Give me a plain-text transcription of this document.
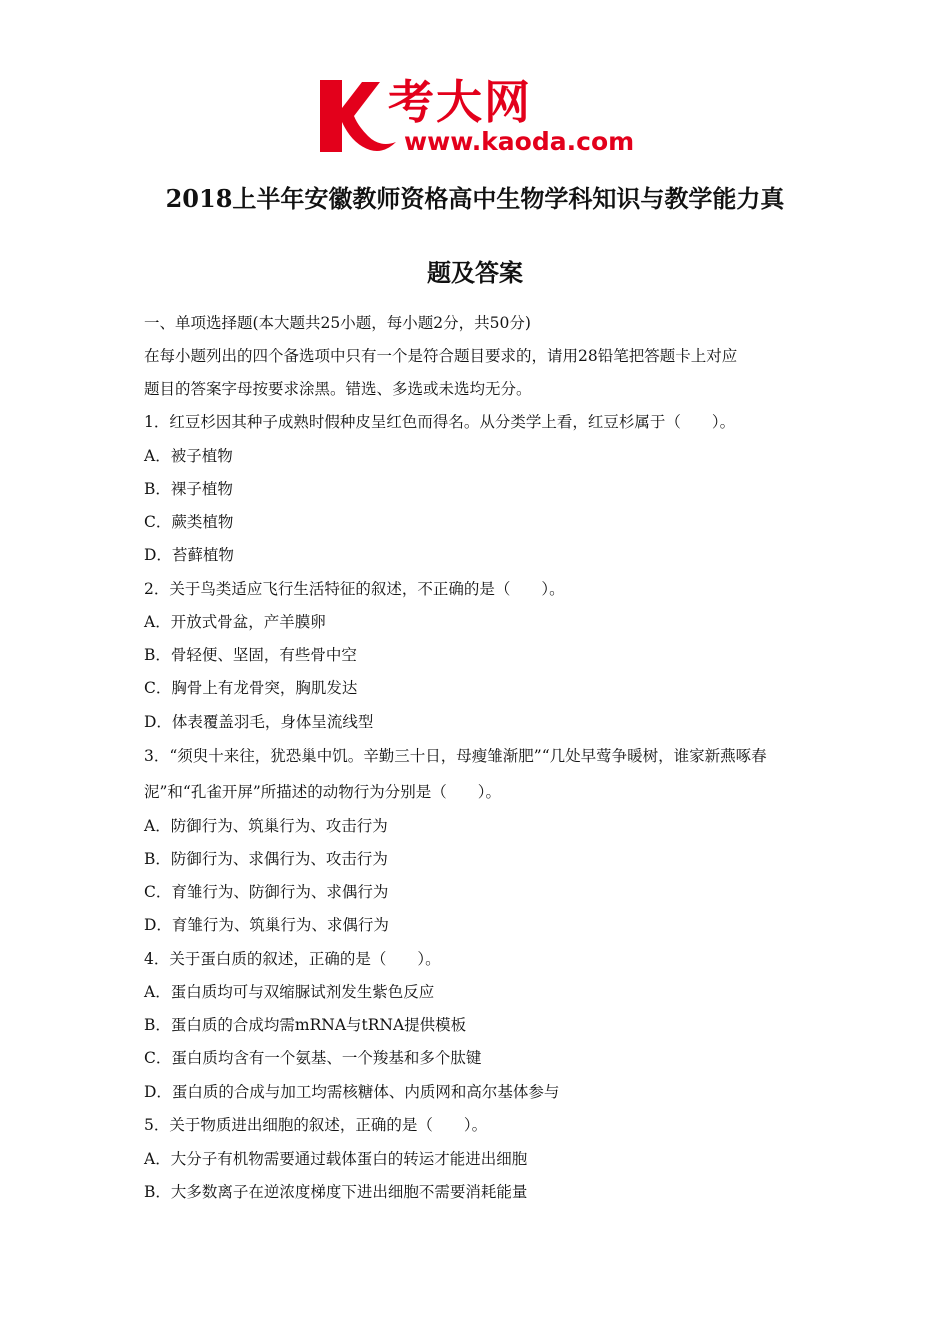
考大网
www.kaoda.com
2018上半年安徽教师资格高中生物学科知识与教学能力真
题及答案
一、单项选择题(本大题共25小题，每小题2分，共50分)
在每小题列出的四个备选项中只有一个是符合题目要求的，请用28铅笔把答题卡上对应
题目的答案字母按要求涂黑。错选、多选或未选均无分。
1．红豆杉因其种子成熟时假种皮呈红色而得名。从分类学上看，红豆杉属于（　　）。
A．被子植物
B．裸子植物
C．蕨类植物
D．苔藓植物
2．关于鸟类适应飞行生活特征的叙述，不正确的是（　　）。
A．开放式骨盆，产羊膜卵
B．骨轻便、坚固，有些骨中空
C．胸骨上有龙骨突，胸肌发达
D．体表覆盖羽毛，身体呈流线型
3．“须臾十来往，犹恐巢中饥。辛勤三十日，母瘦雏渐肥”“几处早莺争暖树，谁家新燕啄春
泥”和“孔雀开屏”所描述的动物行为分别是（　　）。
A．防御行为、筑巢行为、攻击行为
B．防御行为、求偶行为、攻击行为
C．育雏行为、防御行为、求偶行为
D．育雏行为、筑巢行为、求偶行为
4．关于蛋白质的叙述，正确的是（　　）。
A．蛋白质均可与双缩脲试剂发生紫色反应
B．蛋白质的合成均需mRNA与tRNA提供模板
C．蛋白质均含有一个氨基、一个羧基和多个肽键
D．蛋白质的合成与加工均需核糖体、内质网和高尔基体参与
5．关于物质进出细胞的叙述，正确的是（　　）。
A．大分子有机物需要通过载体蛋白的转运才能进出细胞
B．大多数离子在逆浓度梯度下进出细胞不需要消耗能量
